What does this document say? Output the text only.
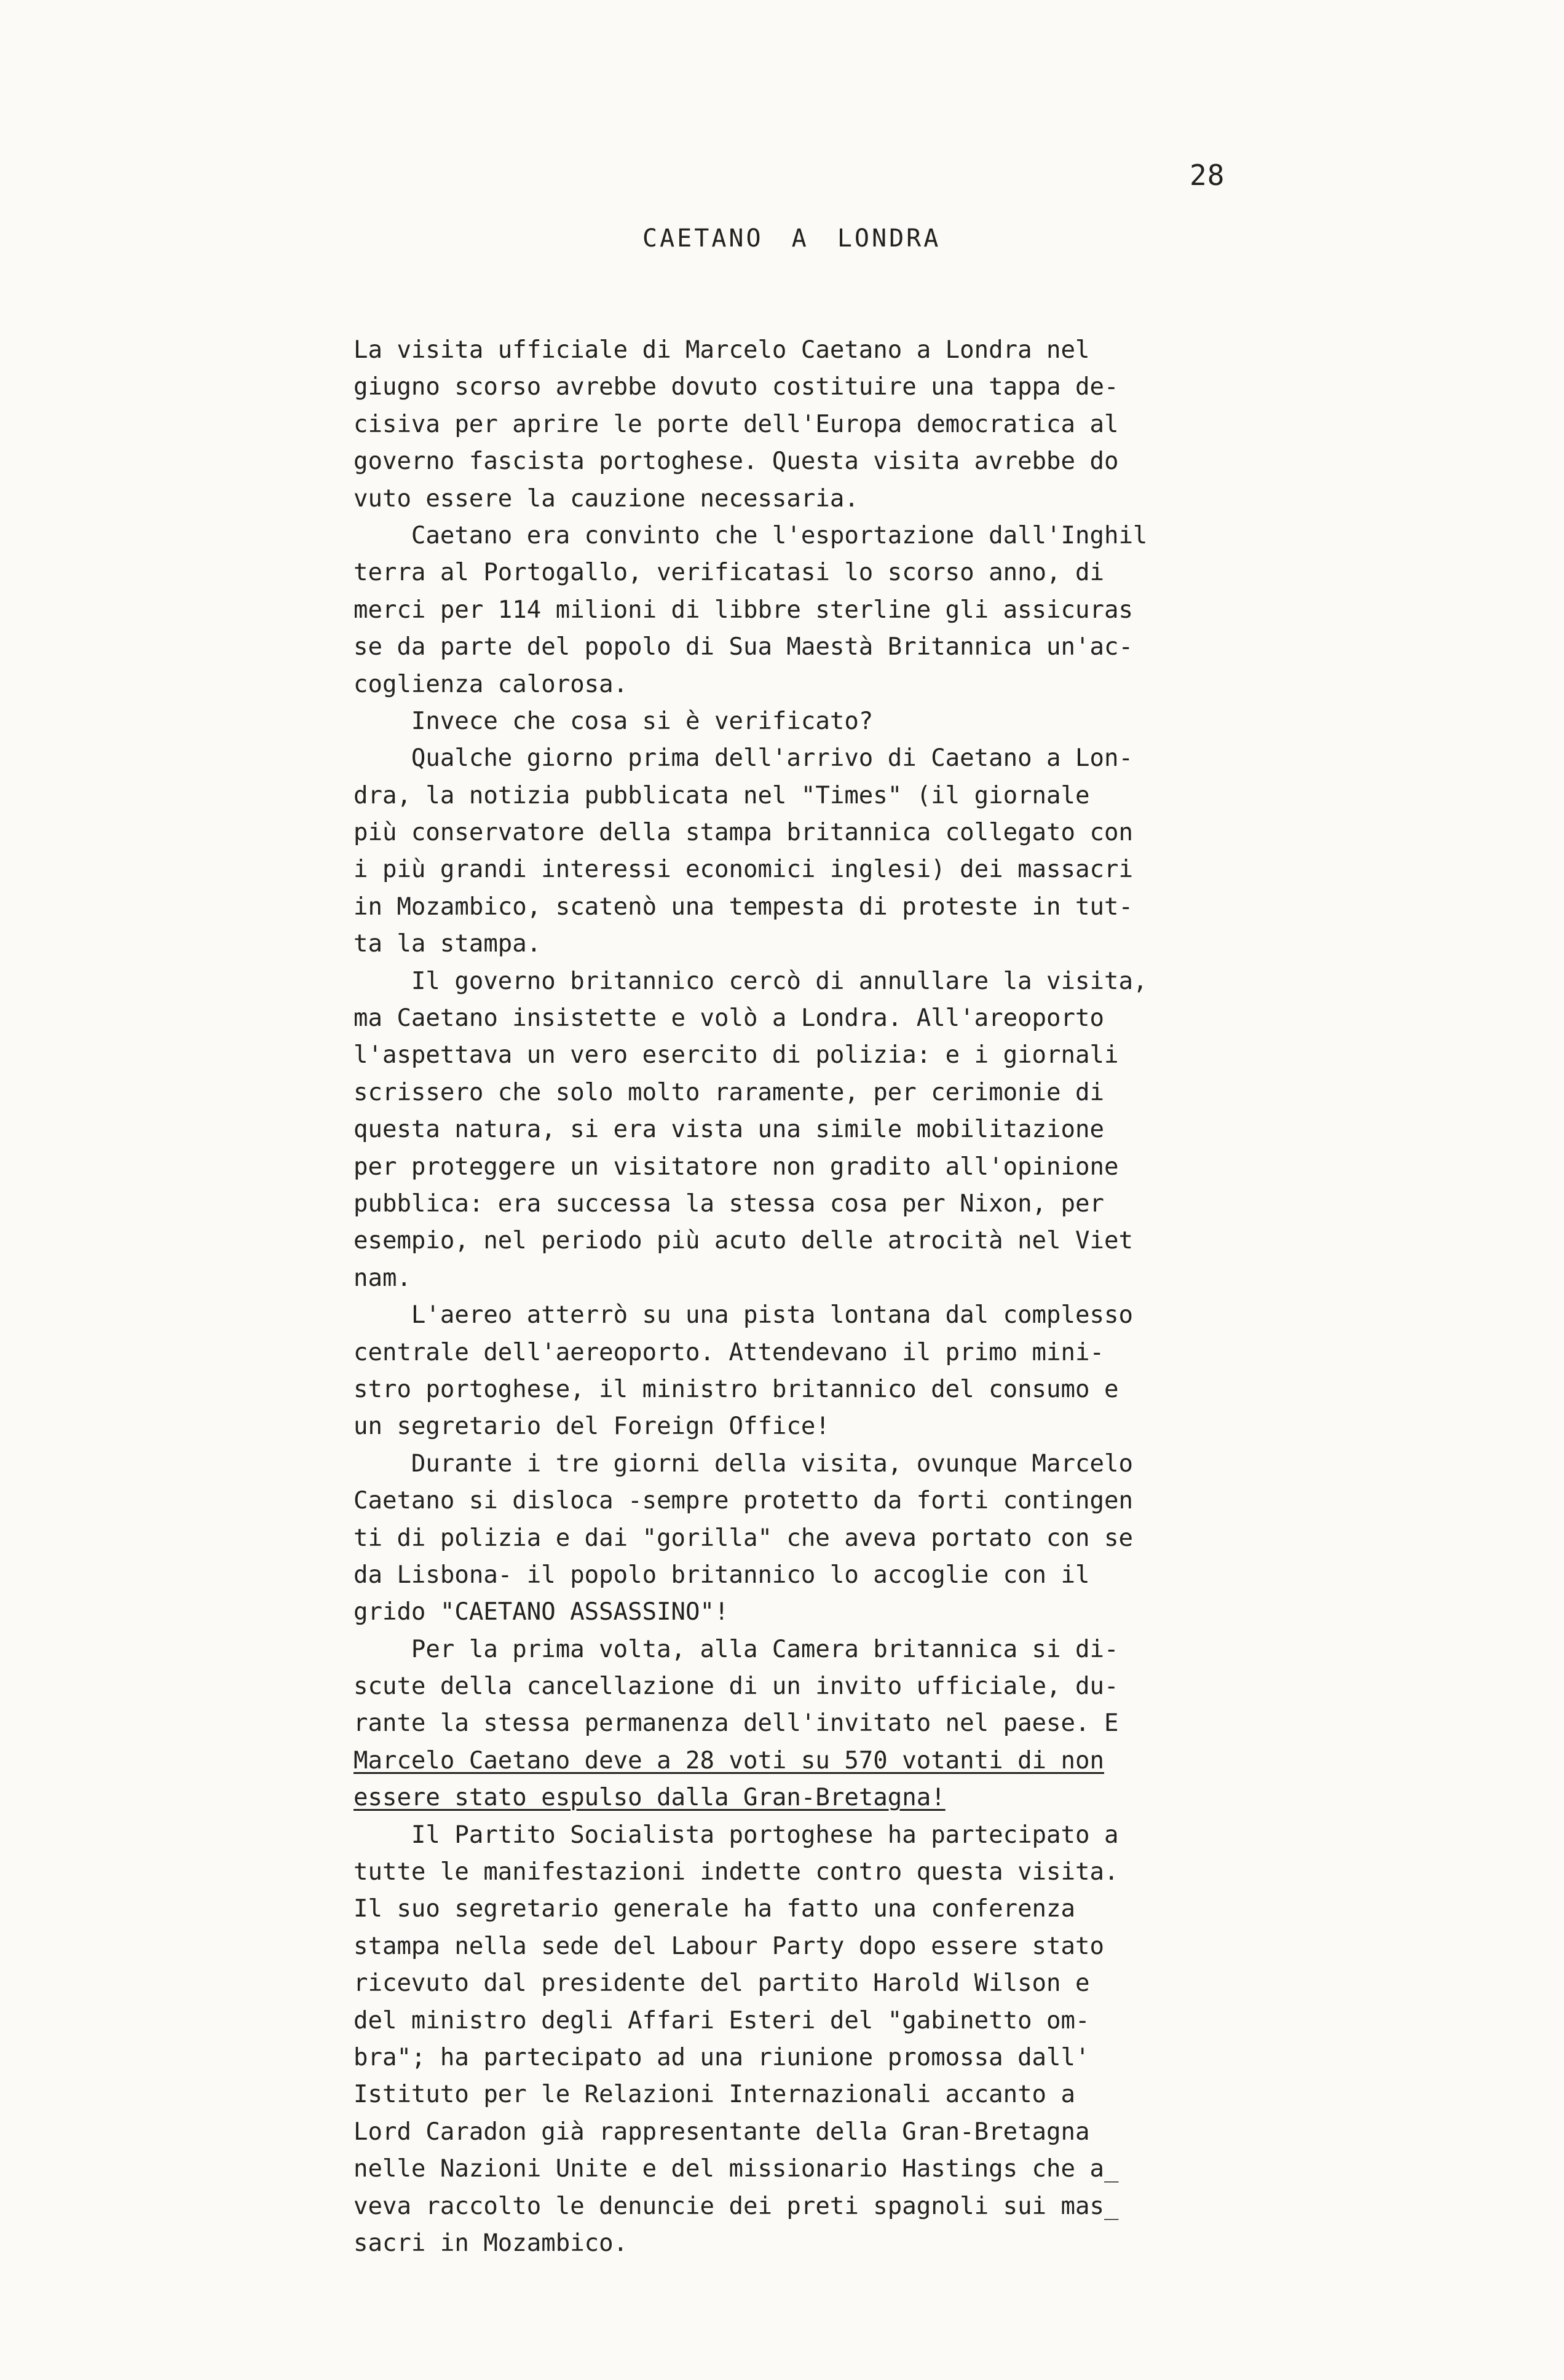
28
CAETANO A LONDRA
La visita ufficiale di Marcelo Caetano a Londra nel
giugno scorso avrebbe dovuto costituire una tappa de-
cisiva per aprire le porte dell'Europa democratica al
governo fascista portoghese. Questa visita avrebbe do
vuto essere la cauzione necessaria.
Caetano era convinto che l'esportazione dall'Inghil
terra al Portogallo, verificatasi lo scorso anno, di
merci per 114 milioni di libbre sterline gli assicuras
se da parte del popolo di Sua Maestà Britannica un'ac-
coglienza calorosa.
Invece che cosa si è verificato?
Qualche giorno prima dell'arrivo di Caetano a Lon-
dra, la notizia pubblicata nel "Times" (il giornale
più conservatore della stampa britannica collegato con
i più grandi interessi economici inglesi) dei massacri
in Mozambico, scatenò una tempesta di proteste in tut-
ta la stampa.
Il governo britannico cercò di annullare la visita,
ma Caetano insistette e volò a Londra. All'areoporto
l'aspettava un vero esercito di polizia: e i giornali
scrissero che solo molto raramente, per cerimonie di
questa natura, si era vista una simile mobilitazione
per proteggere un visitatore non gradito all'opinione
pubblica: era successa la stessa cosa per Nixon, per
esempio, nel periodo più acuto delle atrocità nel Viet
nam.
L'aereo atterrò su una pista lontana dal complesso
centrale dell'aereoporto. Attendevano il primo mini-
stro portoghese, il ministro britannico del consumo e
un segretario del Foreign Office!
Durante i tre giorni della visita, ovunque Marcelo
Caetano si disloca -sempre protetto da forti contingen
ti di polizia e dai "gorilla" che aveva portato con se
da Lisbona- il popolo britannico lo accoglie con il
grido "CAETANO ASSASSINO"!
Per la prima volta, alla Camera britannica si di-
scute della cancellazione di un invito ufficiale, du-
rante la stessa permanenza dell'invitato nel paese. E
Marcelo Caetano deve a 28 voti su 570 votanti di non
essere stato espulso dalla Gran-Bretagna!
Il Partito Socialista portoghese ha partecipato a
tutte le manifestazioni indette contro questa visita.
Il suo segretario generale ha fatto una conferenza
stampa nella sede del Labour Party dopo essere stato
ricevuto dal presidente del partito Harold Wilson e
del ministro degli Affari Esteri del "gabinetto om-
bra"; ha partecipato ad una riunione promossa dall'
Istituto per le Relazioni Internazionali accanto a
Lord Caradon già rappresentante della Gran-Bretagna
nelle Nazioni Unite e del missionario Hastings che a_
veva raccolto le denuncie dei preti spagnoli sui mas_
sacri in Mozambico.
